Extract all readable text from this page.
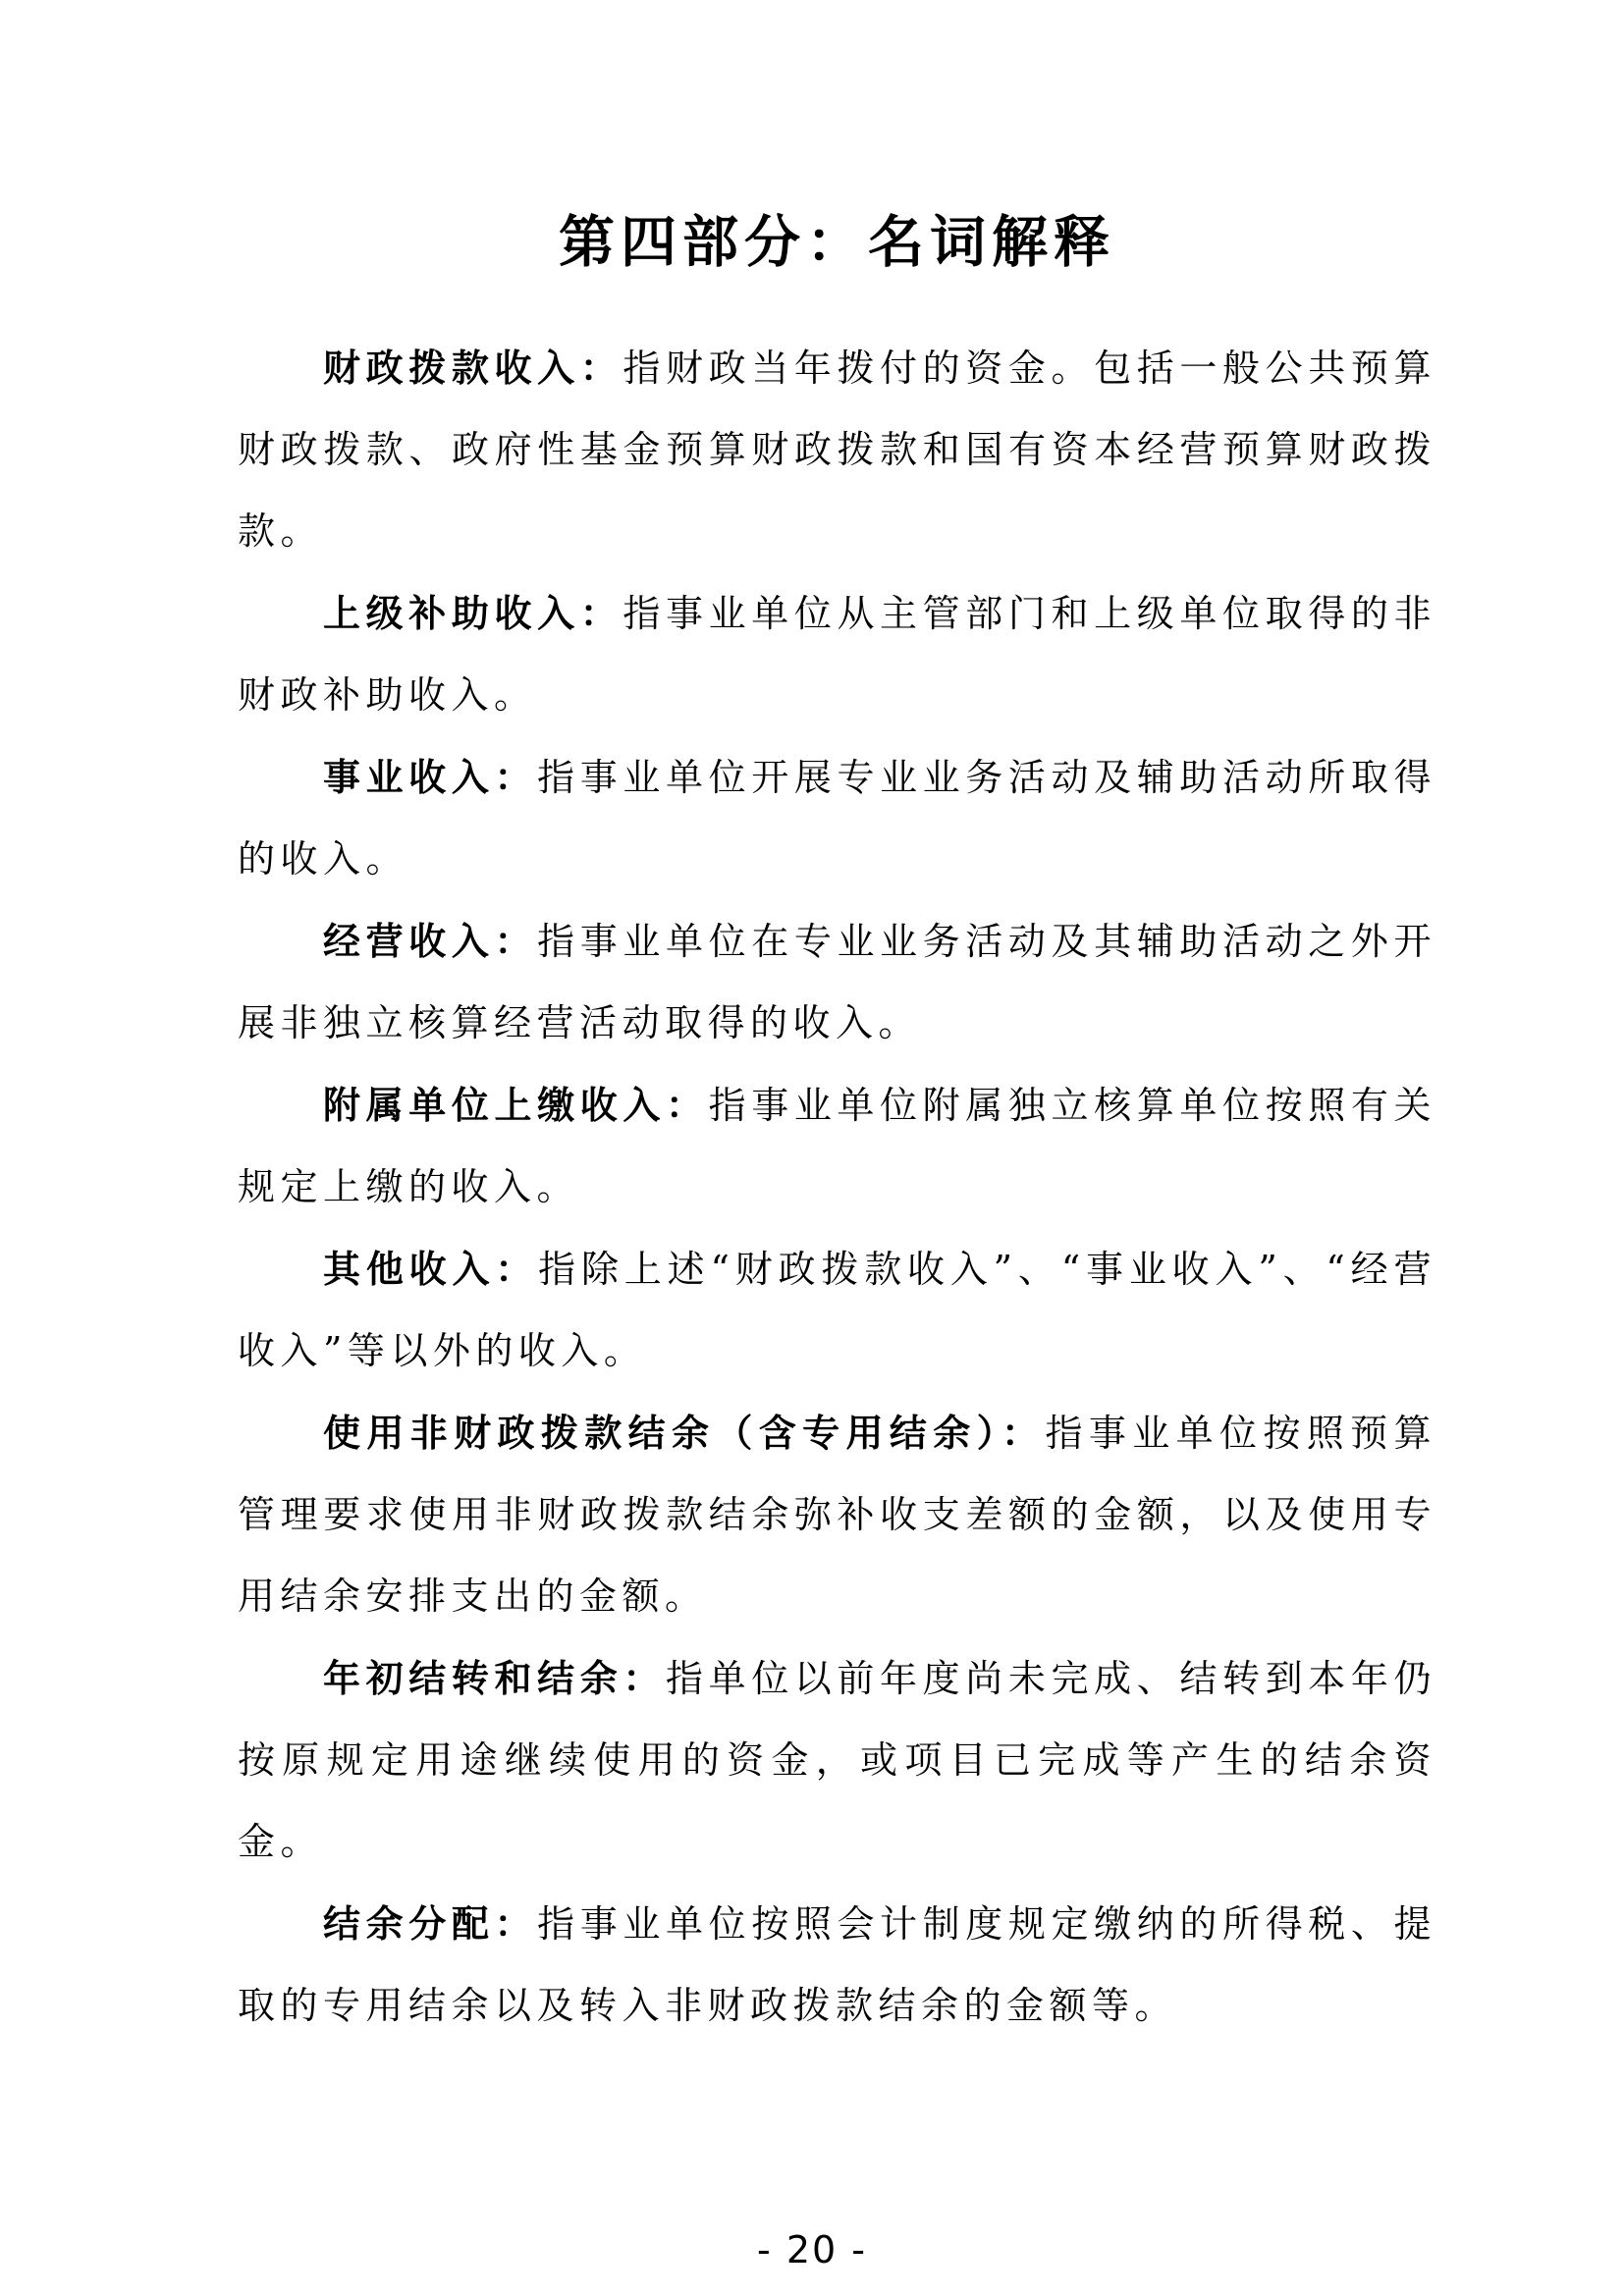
第四部分：名词解释

财政拨款收入：指财政当年拨付的资金。包括一般公共预算财政拨款、政府性基金预算财政拨款和国有资本经营预算财政拨款。

上级补助收入：指事业单位从主管部门和上级单位取得的非财政补助收入。

事业收入：指事业单位开展专业业务活动及辅助活动所取得的收入。

经营收入：指事业单位在专业业务活动及其辅助活动之外开展非独立核算经营活动取得的收入。

附属单位上缴收入：指事业单位附属独立核算单位按照有关规定上缴的收入。

其他收入：指除上述“财政拨款收入”、“事业收入”、“经营收入”等以外的收入。

使用非财政拨款结余（含专用结余）：指事业单位按照预算管理要求使用非财政拨款结余弥补收支差额的金额，以及使用专用结余安排支出的金额。

年初结转和结余：指单位以前年度尚未完成、结转到本年仍按原规定用途继续使用的资金，或项目已完成等产生的结余资金。

结余分配：指事业单位按照会计制度规定缴纳的所得税、提取的专用结余以及转入非财政拨款结余的金额等。

- 20 -
